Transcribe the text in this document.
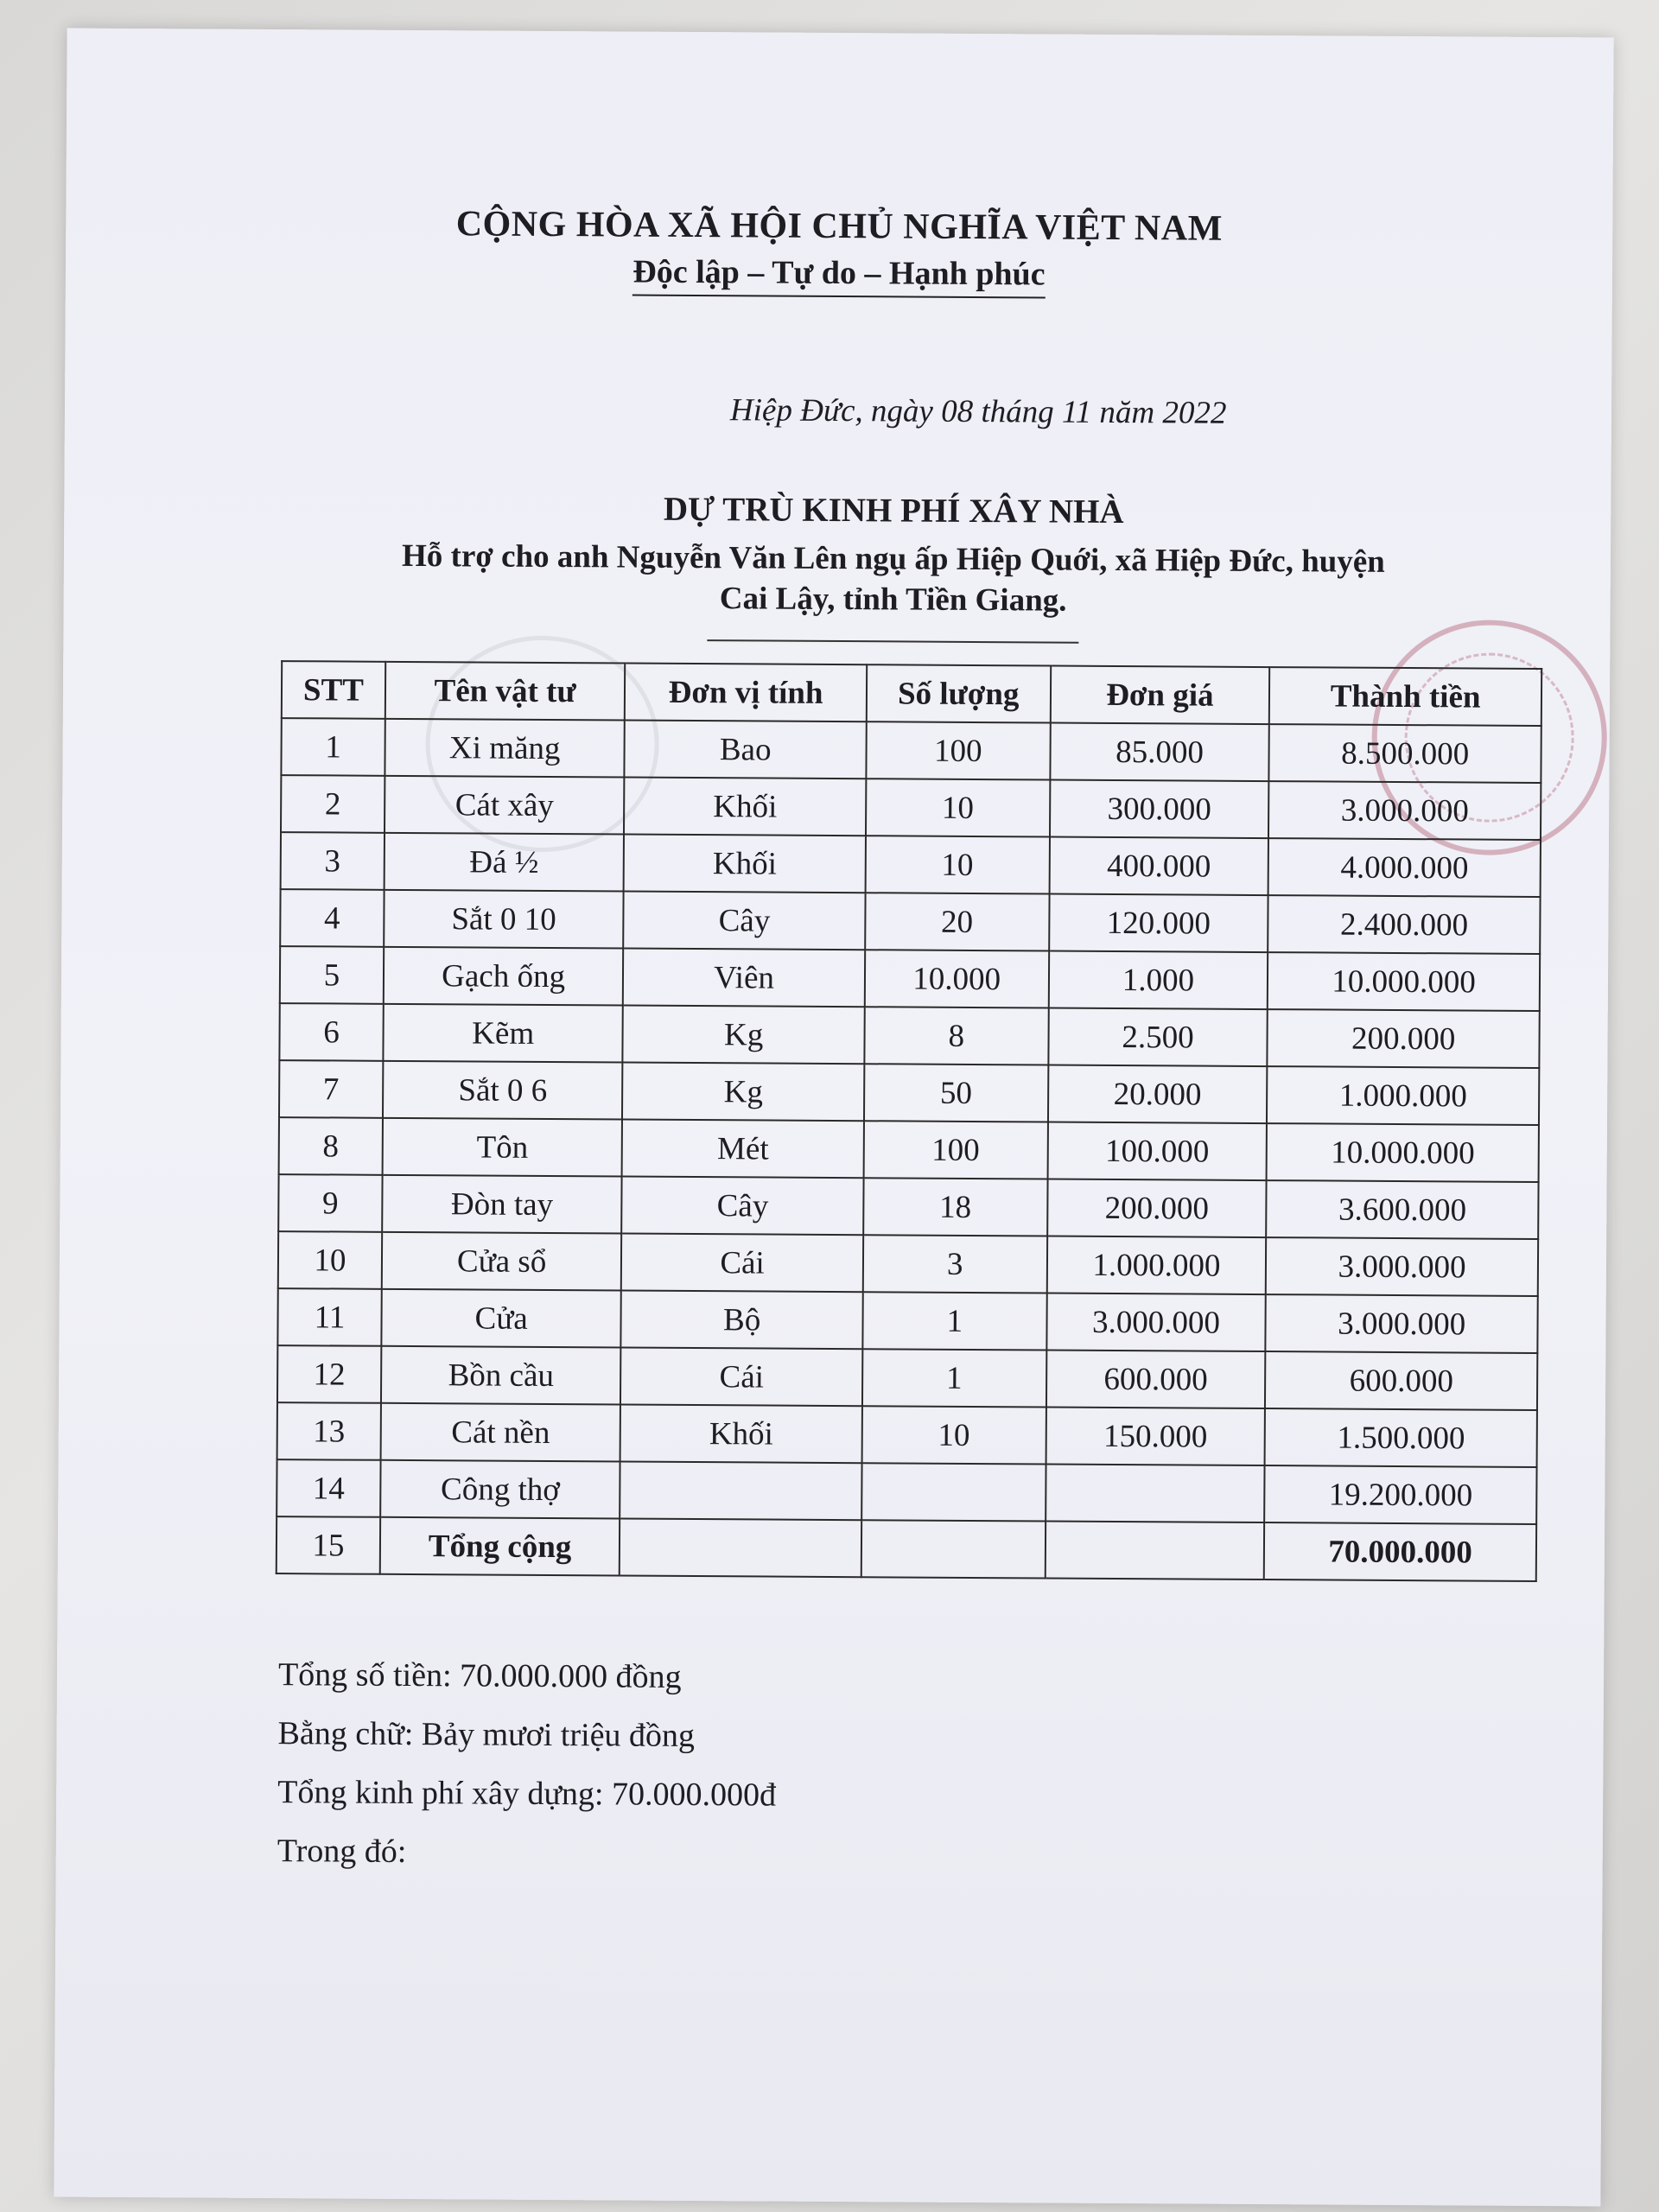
CỘNG HÒA XÃ HỘI CHỦ NGHĨA VIỆT NAM
Độc lập – Tự do – Hạnh phúc
Hiệp Đức, ngày 08 tháng 11 năm 2022
DỰ TRÙ KINH PHÍ XÂY NHÀ
Hỗ trợ cho anh Nguyễn Văn Lên ngụ ấp Hiệp Quới, xã Hiệp Đức, huyện
Cai Lậy, tỉnh Tiền Giang.
STT	Tên vật tư	Đơn vị tính	Số lượng	Đơn giá	Thành tiền
1	Xi măng	Bao	100	85.000	8.500.000
2	Cát xây	Khối	10	300.000	3.000.000
3	Đá ½	Khối	10	400.000	4.000.000
4	Sắt 0 10	Cây	20	120.000	2.400.000
5	Gạch ống	Viên	10.000	1.000	10.000.000
6	Kẽm	Kg	8	2.500	200.000
7	Sắt 0 6	Kg	50	20.000	1.000.000
8	Tôn	Mét	100	100.000	10.000.000
9	Đòn tay	Cây	18	200.000	3.600.000
10	Cửa sổ	Cái	3	1.000.000	3.000.000
11	Cửa	Bộ	1	3.000.000	3.000.000
12	Bồn cầu	Cái	1	600.000	600.000
13	Cát nền	Khối	10	150.000	1.500.000
14	Công thợ				19.200.000
15	Tổng cộng				70.000.000
Tổng số tiền: 70.000.000 đồng
Bằng chữ: Bảy mươi triệu đồng
Tổng kinh phí xây dựng: 70.000.000đ
Trong đó:
